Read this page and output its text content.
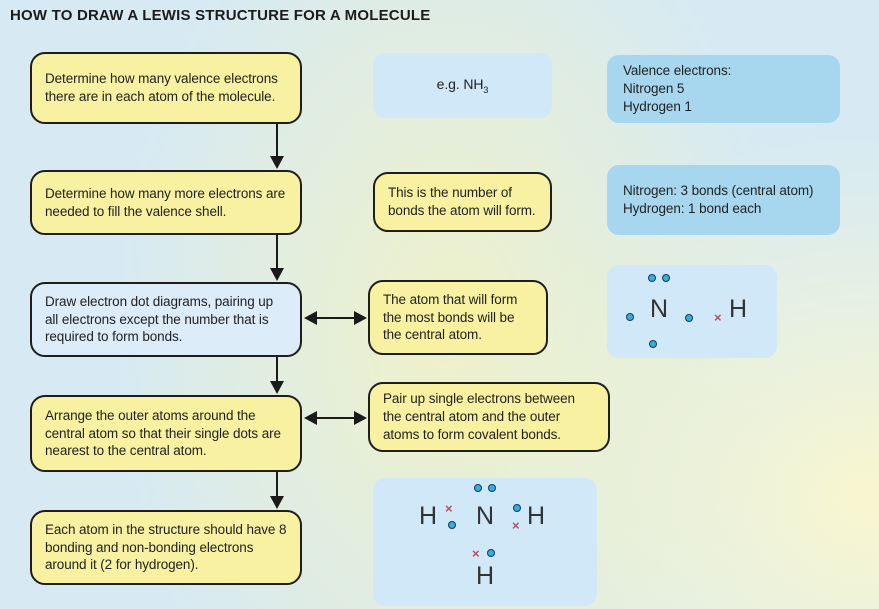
HOW TO DRAW A LEWIS STRUCTURE FOR A MOLECULE
Determine how many valence electrons there are in each atom of the molecule.
Determine how many more electrons are needed to fill the valence shell.
Draw electron dot diagrams, pairing up all electrons except the number that is required to form bonds.
Arrange the outer atoms around the central atom so that their single dots are nearest to the central atom.
Each atom in the structure should have 8 bonding and non-bonding electrons around it (2 for hydrogen).
e.g. $NH_3$
This is the number of bonds the atom will form.
The atom that will form the most bonds will be the central atom.
Pair up single electrons between the central atom and the outer atoms to form covalent bonds.
Valence electrons:
Nitrogen 5
Hydrogen 1
Nitrogen: 3 bonds (central atom)
Hydrogen: 1 bond each
N	× H
H × N × H
×
H
